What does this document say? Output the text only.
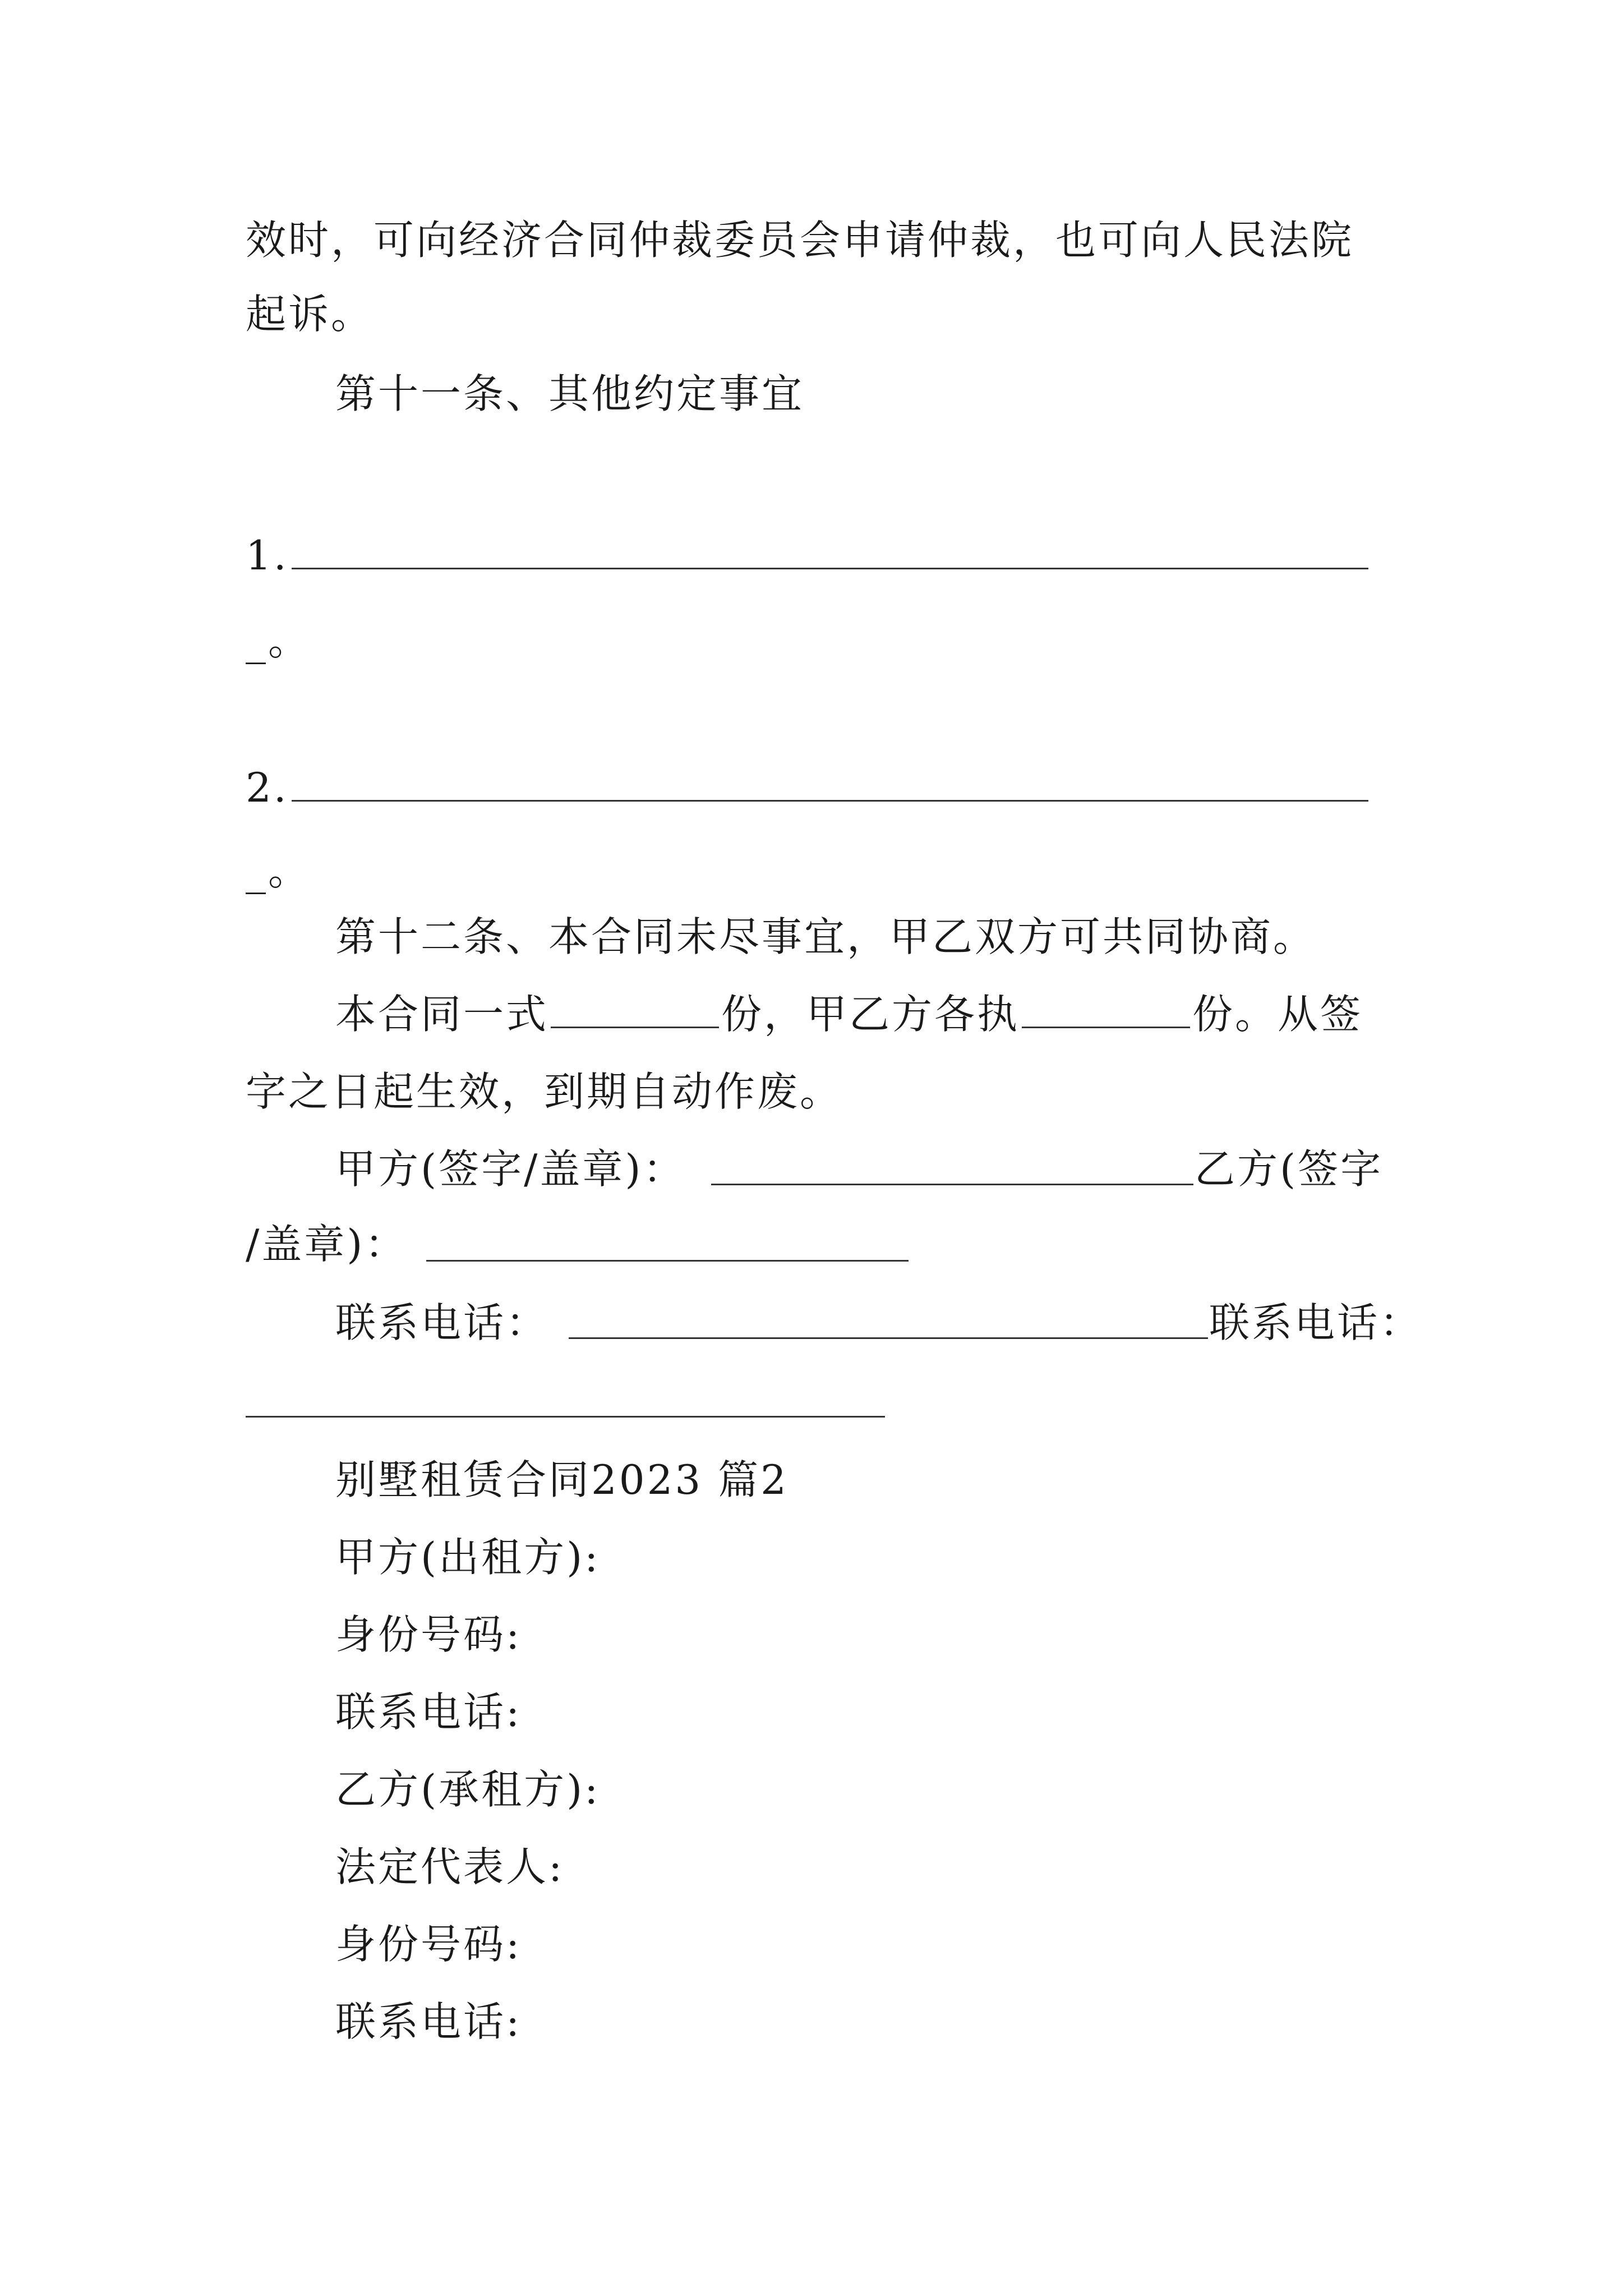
效时，可向经济合同仲裁委员会申请仲裁，也可向人民法院
起诉。
第十一条、其他约定事宜
1.
_。
2.
_。
第十二条、本合同未尽事宜，甲乙双方可共同协商。
本合同一式	份，甲乙方各执	份。从签
字之日起生效，到期自动作废。
甲方(签字/盖章)：	乙方(签字
/盖章)：
联系电话：	联系电话：
别墅租赁合同2023 篇2
甲方(出租方):
身份号码:
联系电话:
乙方(承租方):
法定代表人:
身份号码:
联系电话:
